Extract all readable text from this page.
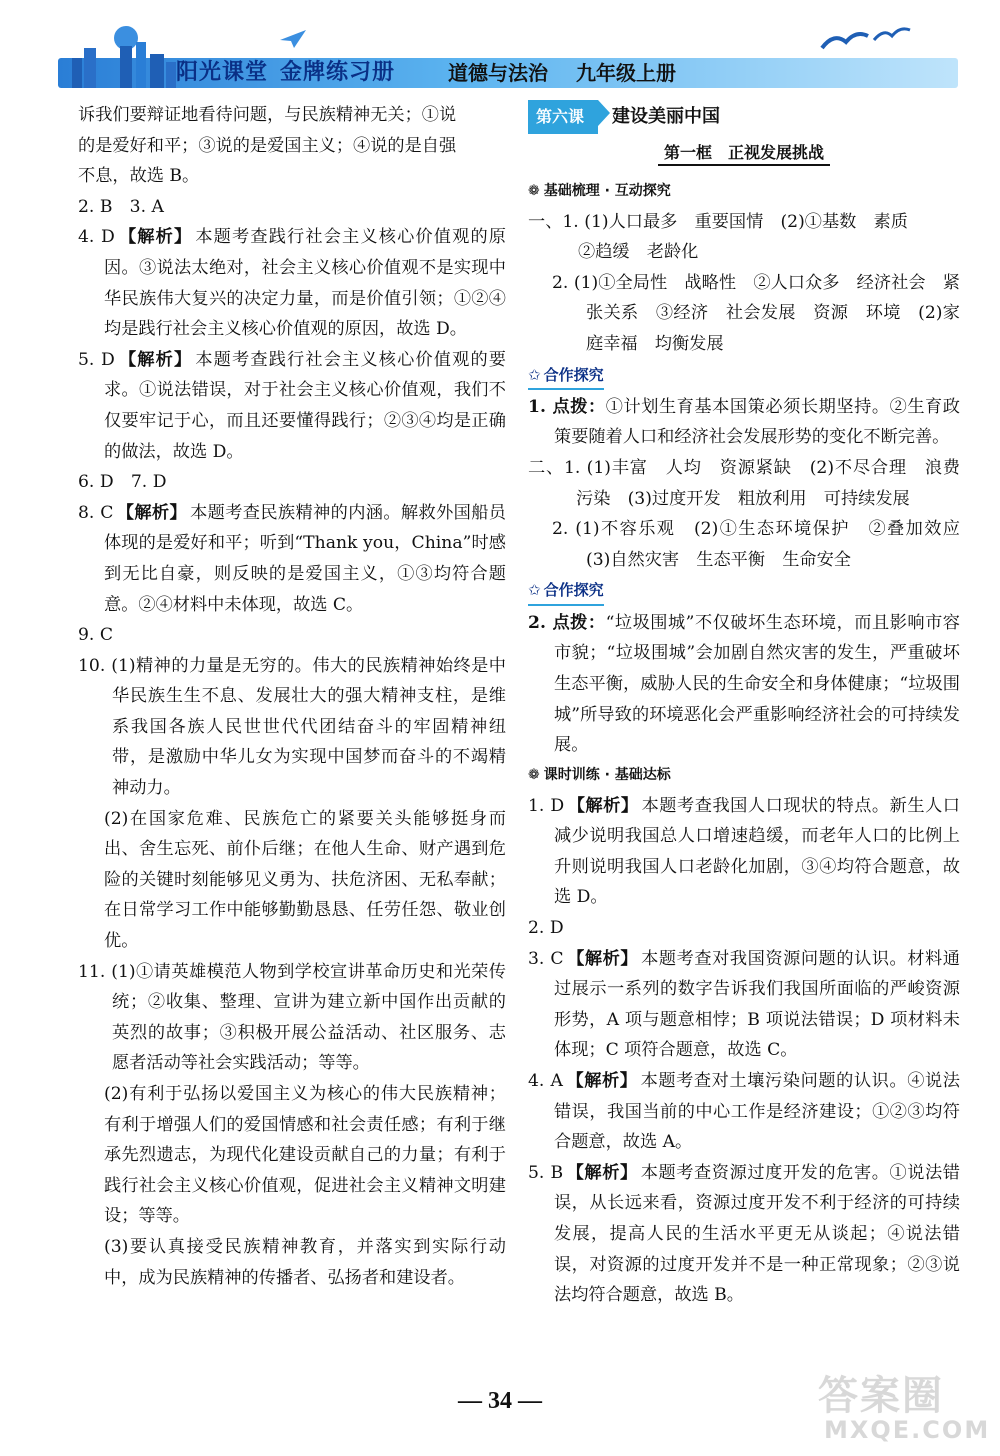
阳光课堂 金牌练习册	道德与法治 九年级上册

诉我们要辩证地看待问题，与民族精神无关；①说

的是爱好和平；③说的是爱国主义；④说的是自强

不息，故选 B。

2. B　3. A

4. D 【解析】 本题考查践行社会主义核心价值观的原因。③说法太绝对，社会主义核心价值观不是实现中华民族伟大复兴的决定力量，而是价值引领；①②④均是践行社会主义核心价值观的原因，故选 D。

5. D 【解析】 本题考查践行社会主义核心价值观的要求。①说法错误，对于社会主义核心价值观，我们不仅要牢记于心，而且还要懂得践行；②③④均是正确的做法，故选 D。

6. D　7. D

8. C 【解析】 本题考查民族精神的内涵。解救外国船员体现的是爱好和平；听到“Thank you，China”时感到无比自豪，则反映的是爱国主义，①③均符合题意。②④材料中未体现，故选 C。

9. C

10. (1)精神的力量是无穷的。伟大的民族精神始终是中华民族生生不息、发展壮大的强大精神支柱，是维系我国各族人民世世代代团结奋斗的牢固精神纽带，是激励中华儿女为实现中国梦而奋斗的不竭精神动力。

(2)在国家危难、民族危亡的紧要关头能够挺身而出、舍生忘死、前仆后继；在他人生命、财产遇到危险的关键时刻能够见义勇为、扶危济困、无私奉献；在日常学习工作中能够勤勤恳恳、任劳任怨、敬业创优。

11. (1)①请英雄模范人物到学校宣讲革命历史和光荣传统；②收集、整理、宣讲为建立新中国作出贡献的英烈的故事；③积极开展公益活动、社区服务、志愿者活动等社会实践活动；等等。

(2)有利于弘扬以爱国主义为核心的伟大民族精神；有利于增强人们的爱国情感和社会责任感；有利于继承先烈遗志，为现代化建设贡献自己的力量；有利于践行社会主义核心价值观，促进社会主义精神文明建设；等等。

(3)要认真接受民族精神教育，并落实到实际行动中，成为民族精神的传播者、弘扬者和建设者。

第六课	建设美丽中国
第一框　正视发展挑战
❁ 基础梳理 · 互动探究

一、1. (1)人口最多　重要国情　(2)①基数　素质

②趋缓　老龄化

2. (1)①全局性　战略性　②人口众多　经济社会　紧张关系　③经济　社会发展　资源　环境　(2)家庭幸福　均衡发展

✩ 合作探究

1. 点拨：①计划生育基本国策必须长期坚持。②生育政策要随着人口和经济社会发展形势的变化不断完善。

二、1. (1)丰富　人均　资源紧缺　(2)不尽合理　浪费　污染　(3)过度开发　粗放利用　可持续发展

2. (1)不容乐观　(2)①生态环境保护　②叠加效应　(3)自然灾害　生态平衡　生命安全

✩ 合作探究

2. 点拨：“垃圾围城”不仅破坏生态环境，而且影响市容市貌；“垃圾围城”会加剧自然灾害的发生，严重破坏生态平衡，威胁人民的生命安全和身体健康；“垃圾围城”所导致的环境恶化会严重影响经济社会的可持续发展。

❁ 课时训练 · 基础达标

1. D 【解析】 本题考查我国人口现状的特点。新生人口减少说明我国总人口增速趋缓，而老年人口的比例上升则说明我国人口老龄化加剧，③④均符合题意，故选 D。

2. D

3. C 【解析】 本题考查对我国资源问题的认识。材料通过展示一系列的数字告诉我们我国所面临的严峻资源形势，A 项与题意相悖；B 项说法错误；D 项材料未体现；C 项符合题意，故选 C。

4. A 【解析】 本题考查对土壤污染问题的认识。④说法错误，我国当前的中心工作是经济建设；①②③均符合题意，故选 A。

5. B 【解析】 本题考查资源过度开发的危害。①说法错误，从长远来看，资源过度开发不利于经济的可持续发展，提高人民的生活水平更无从谈起；④说法错误，对资源的过度开发并不是一种正常现象；②③说法均符合题意，故选 B。

— 34 —	答案圈
MXQE.COM
